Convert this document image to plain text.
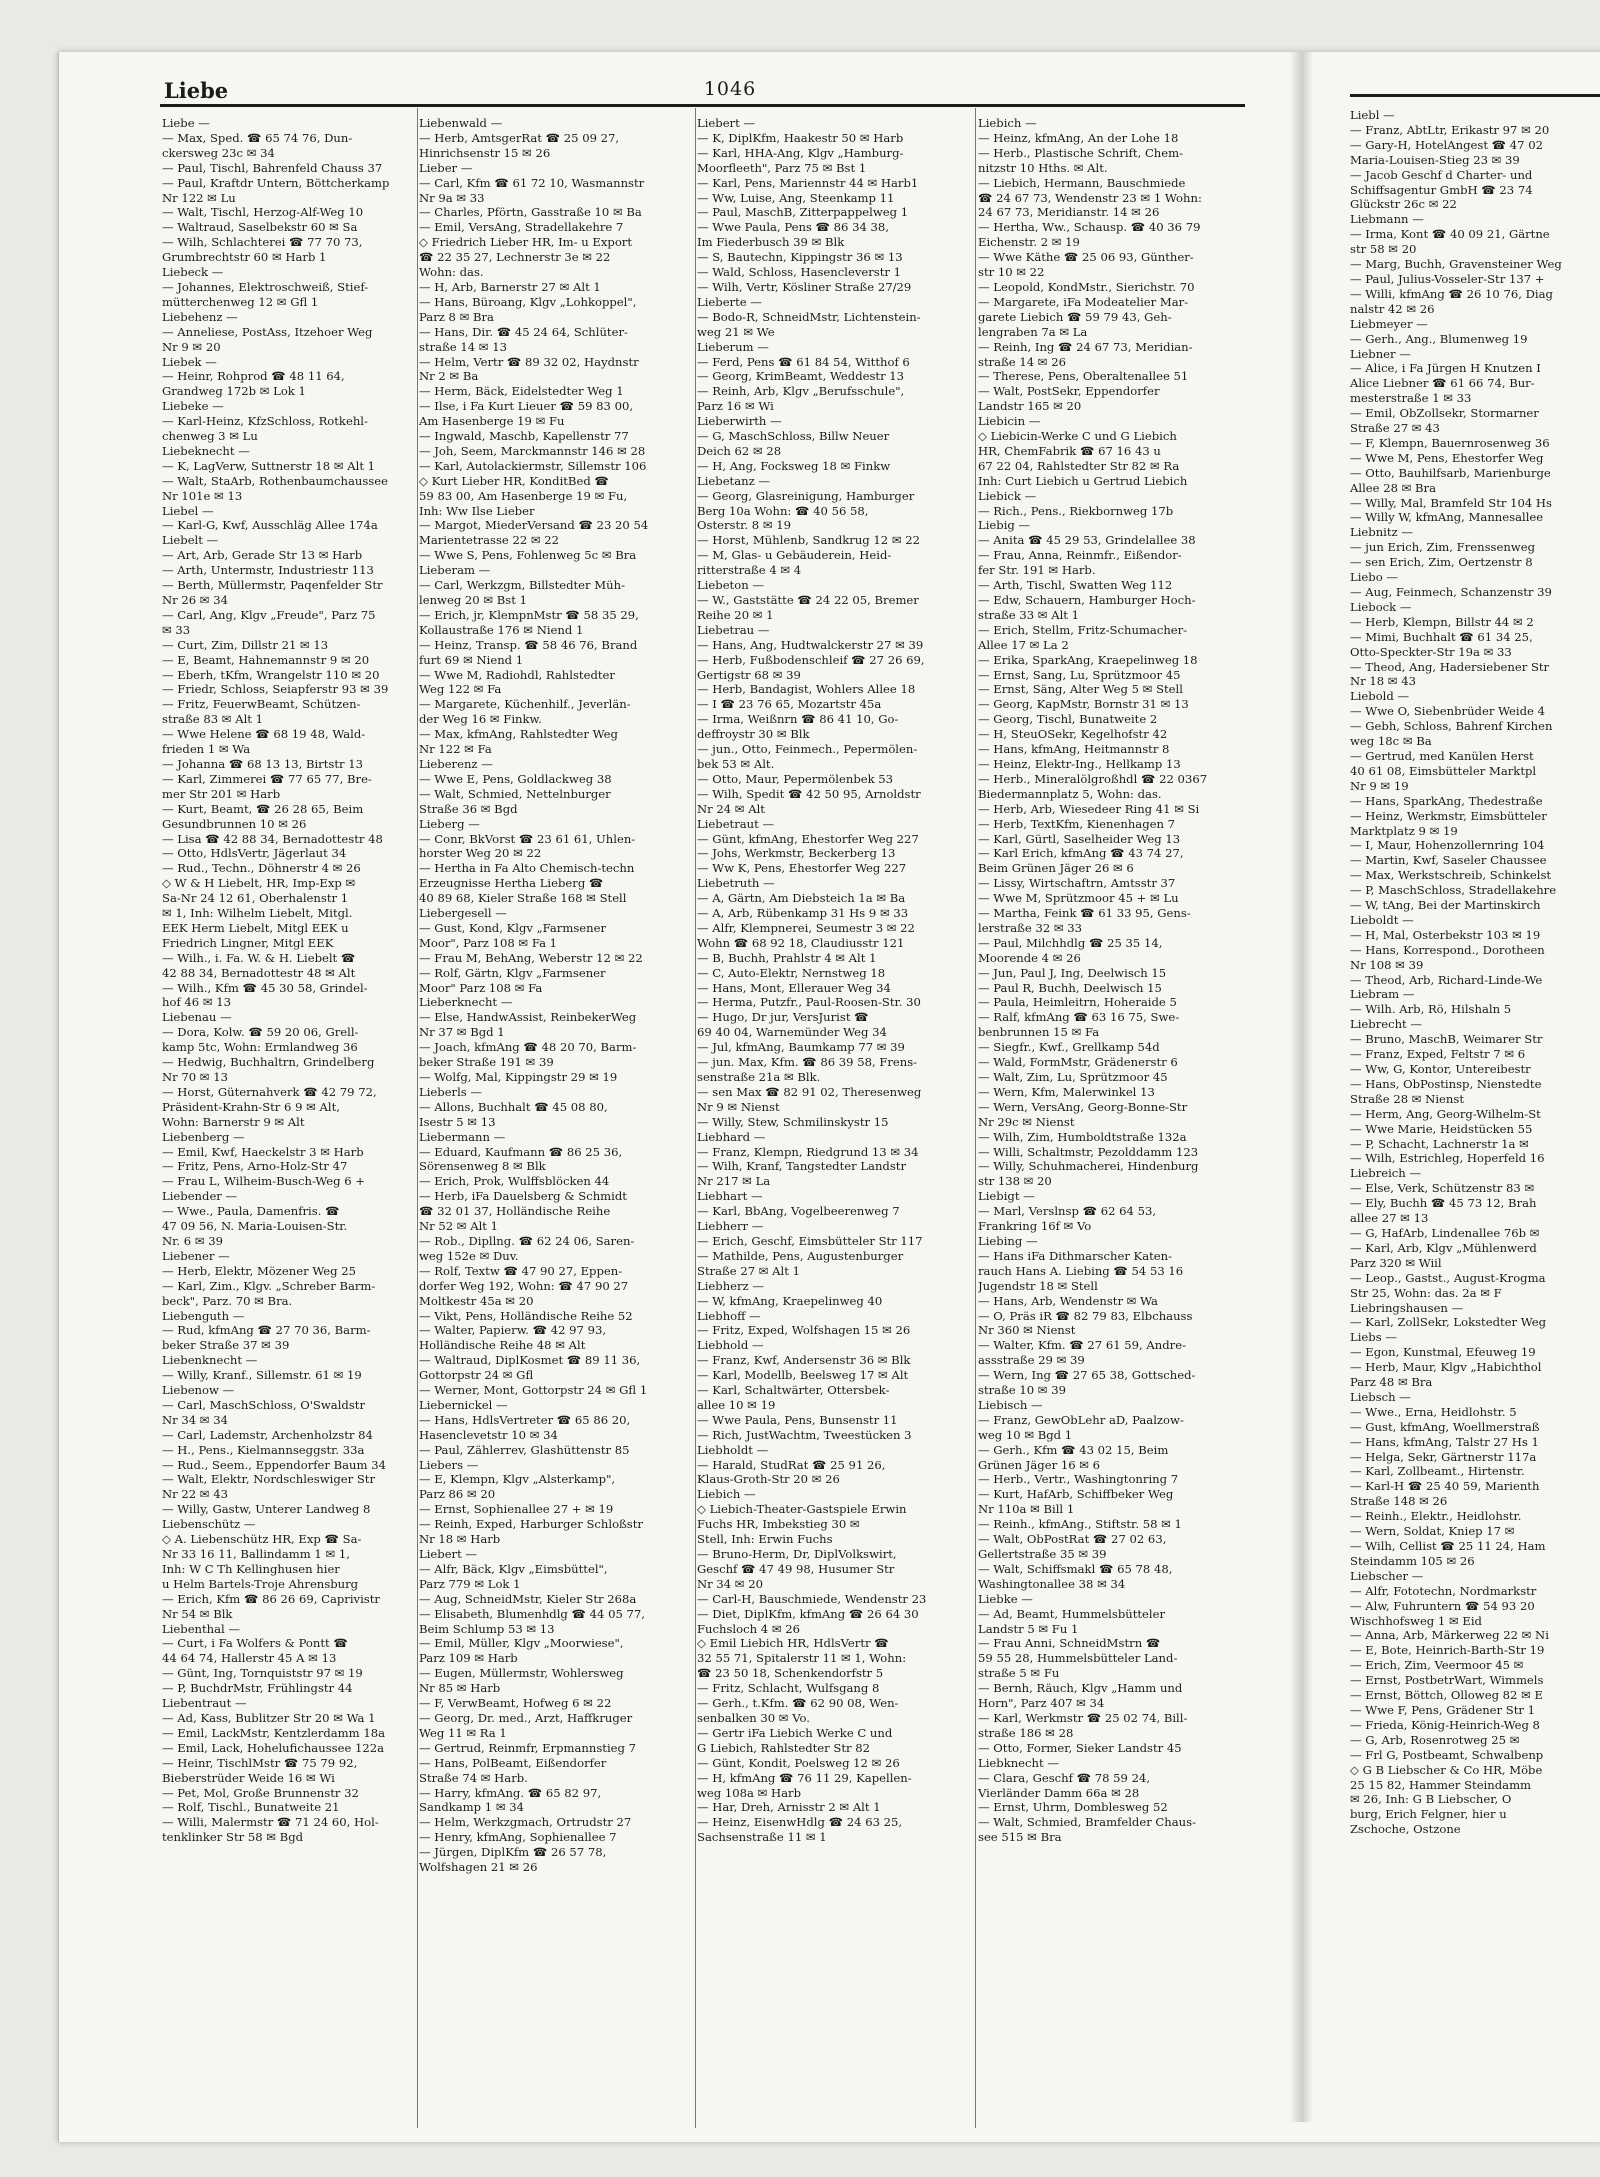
Liebe	1046
Liebe —
— Max, Sped. ☎ 65 74 76, Dun-
ckersweg 23c ✉ 34
— Paul, Tischl, Bahrenfeld Chauss 37
— Paul, Kraftdr Untern, Böttcherkamp
Nr 122 ✉ Lu
— Walt, Tischl, Herzog-Alf-Weg 10
— Waltraud, Saselbekstr 60 ✉ Sa
— Wilh, Schlachterei ☎ 77 70 73,
Grumbrechtstr 60 ✉ Harb 1
Liebeck —
— Johannes, Elektroschweiß, Stief-
mütterchenweg 12 ✉ Gfl 1
Liebehenz —
— Anneliese, PostAss, Itzehoer Weg
Nr 9 ✉ 20
Liebek —
— Heinr, Rohprod ☎ 48 11 64,
Grandweg 172b ✉ Lok 1
Liebeke —
— Karl-Heinz, KfzSchloss, Rotkehl-
chenweg 3 ✉ Lu
Liebeknecht —
— K, LagVerw, Suttnerstr 18 ✉ Alt 1
— Walt, StaArb, Rothenbaumchaussee
Nr 101e ✉ 13
Liebel —
— Karl-G, Kwf, Ausschläg Allee 174a
Liebelt —
— Art, Arb, Gerade Str 13 ✉ Harb
— Arth, Untermstr, Industriestr 113
— Berth, Müllermstr, Paqenfelder Str
Nr 26 ✉ 34
— Carl, Ang, Klgv „Freude", Parz 75
✉ 33
— Curt, Zim, Dillstr 21 ✉ 13
— E, Beamt, Hahnemannstr 9 ✉ 20
— Eberh, tKfm, Wrangelstr 110 ✉ 20
— Friedr, Schloss, Seiapferstr 93 ✉ 39
— Fritz, FeuerwBeamt, Schützen-
straße 83 ✉ Alt 1
— Wwe Helene ☎ 68 19 48, Wald-
frieden 1 ✉ Wa
— Johanna ☎ 68 13 13, Birtstr 13
— Karl, Zimmerei ☎ 77 65 77, Bre-
mer Str 201 ✉ Harb
— Kurt, Beamt, ☎ 26 28 65, Beim
Gesundbrunnen 10 ✉ 26
— Lisa ☎ 42 88 34, Bernadottestr 48
— Otto, HdlsVertr, Jägerlaut 34
— Rud., Techn., Döhnerstr 4 ✉ 26
◇ W & H Liebelt, HR, Imp-Exp ✉
Sa-Nr 24 12 61, Oberhalenstr 1
✉ 1, Inh: Wilhelm Liebelt, Mitgl.
EEK Herm Liebelt, Mitgl EEK u
Friedrich Lingner, Mitgl EEK
— Wilh., i. Fa. W. & H. Liebelt ☎
42 88 34, Bernadottestr 48 ✉ Alt
— Wilh., Kfm ☎ 45 30 58, Grindel-
hof 46 ✉ 13
Liebenau —
— Dora, Kolw. ☎ 59 20 06, Grell-
kamp 5tc, Wohn: Ermlandweg 36
— Hedwig, Buchhaltrn, Grindelberg
Nr 70 ✉ 13
— Horst, Güternahverk ☎ 42 79 72,
Präsident-Krahn-Str 6 9 ✉ Alt,
Wohn: Barnerstr 9 ✉ Alt
Liebenberg —
— Emil, Kwf, Haeckelstr 3 ✉ Harb
— Fritz, Pens, Arno-Holz-Str 47
— Frau L, Wilheim-Busch-Weg 6 +
Liebender —
— Wwe., Paula, Damenfris. ☎
47 09 56, N. Maria-Louisen-Str.
Nr. 6 ✉ 39
Liebener —
— Herb, Elektr, Mözener Weg 25
— Karl, Zim., Klgv. „Schreber Barm-
beck", Parz. 70 ✉ Bra.
Liebenguth —
— Rud, kfmAng ☎ 27 70 36, Barm-
beker Straße 37 ✉ 39
Liebenknecht —
— Willy, Kranf., Sillemstr. 61 ✉ 19
Liebenow —
— Carl, MaschSchloss, O'Swaldstr
Nr 34 ✉ 34
— Carl, Lademstr, Archenholzstr 84
— H., Pens., Kielmannseggstr. 33a
— Rud., Seem., Eppendorfer Baum 34
— Walt, Elektr, Nordschleswiger Str
Nr 22 ✉ 43
— Willy, Gastw, Unterer Landweg 8
Liebenschütz —
◇ A. Liebenschütz HR, Exp ☎ Sa-
Nr 33 16 11, Ballindamm 1 ✉ 1,
Inh: W C Th Kellinghusen hier
u Helm Bartels-Troje Ahrensburg
— Erich, Kfm ☎ 86 26 69, Caprivistr
Nr 54 ✉ Blk
Liebenthal —
— Curt, i Fa Wolfers & Pontt ☎
44 64 74, Hallerstr 45 A ✉ 13
— Günt, Ing, Tornquiststr 97 ✉ 19
— P, BuchdrMstr, Frühlingstr 44
Liebentraut —
— Ad, Kass, Bublitzer Str 20 ✉ Wa 1
— Emil, LackMstr, Kentzlerdamm 18a
— Emil, Lack, Hohelufichaussee 122a
— Heinr, TischlMstr ☎ 75 79 92,
Bieberstrüder Weide 16 ✉ Wi
— Pet, Mol, Große Brunnenstr 32
— Rolf, Tischl., Bunatweite 21
— Willi, Malermstr ☎ 71 24 60, Hol-
tenklinker Str 58 ✉ Bgd
Liebenwald —
— Herb, AmtsgerRat ☎ 25 09 27,
Hinrichsenstr 15 ✉ 26
Lieber —
— Carl, Kfm ☎ 61 72 10, Wasmannstr
Nr 9a ✉ 33
— Charles, Pförtn, Gasstraße 10 ✉ Ba
— Emil, VersAng, Stradellakehre 7
◇ Friedrich Lieber HR, Im- u Export
☎ 22 35 27, Lechnerstr 3e ✉ 22
Wohn: das.
— H, Arb, Barnerstr 27 ✉ Alt 1
— Hans, Büroang, Klgv „Lohkoppel",
Parz 8 ✉ Bra
— Hans, Dir. ☎ 45 24 64, Schlüter-
straße 14 ✉ 13
— Helm, Vertr ☎ 89 32 02, Haydnstr
Nr 2 ✉ Ba
— Herm, Bäck, Eidelstedter Weg 1
— Ilse, i Fa Kurt Lieuer ☎ 59 83 00,
Am Hasenberge 19 ✉ Fu
— Ingwald, Maschb, Kapellenstr 77
— Joh, Seem, Marckmannstr 146 ✉ 28
— Karl, Autolackiermstr, Sillemstr 106
◇ Kurt Lieber HR, KonditBed ☎
59 83 00, Am Hasenberge 19 ✉ Fu,
Inh: Ww Ilse Lieber
— Margot, MiederVersand ☎ 23 20 54
Marientetrasse 22 ✉ 22
— Wwe S, Pens, Fohlenweg 5c ✉ Bra
Lieberam —
— Carl, Werkzgm, Billstedter Müh-
lenweg 20 ✉ Bst 1
— Erich, jr, KlempnMstr ☎ 58 35 29,
Kollaustraße 176 ✉ Niend 1
— Heinz, Transp. ☎ 58 46 76, Brand
furt 69 ✉ Niend 1
— Wwe M, Radiohdl, Rahlstedter
Weg 122 ✉ Fa
— Margarete, Küchenhilf., Jeverlän-
der Weg 16 ✉ Finkw.
— Max, kfmAng, Rahlstedter Weg
Nr 122 ✉ Fa
Lieberenz —
— Wwe E, Pens, Goldlackweg 38
— Walt, Schmied, Nettelnburger
Straße 36 ✉ Bgd
Lieberg —
— Conr, BkVorst ☎ 23 61 61, Uhlen-
horster Weg 20 ✉ 22
— Hertha in Fa Alto Chemisch-techn
Erzeugnisse Hertha Lieberg ☎
40 89 68, Kieler Straße 168 ✉ Stell
Liebergesell —
— Gust, Kond, Klgv „Farmsener
Moor", Parz 108 ✉ Fa 1
— Frau M, BehAng, Weberstr 12 ✉ 22
— Rolf, Gärtn, Klgv „Farmsener
Moor" Parz 108 ✉ Fa
Lieberknecht —
— Else, HandwAssist, ReinbekerWeg
Nr 37 ✉ Bgd 1
— Joach, kfmAng ☎ 48 20 70, Barm-
beker Straße 191 ✉ 39
— Wolfg, Mal, Kippingstr 29 ✉ 19
Lieberls —
— Allons, Buchhalt ☎ 45 08 80,
Isestr 5 ✉ 13
Liebermann —
— Eduard, Kaufmann ☎ 86 25 36,
Sörensenweg 8 ✉ Blk
— Erich, Prok, Wulffsblöcken 44
— Herb, iFa Dauelsberg & Schmidt
☎ 32 01 37, Holländische Reihe
Nr 52 ✉ Alt 1
— Rob., Dipllng. ☎ 62 24 06, Saren-
weg 152e ✉ Duv.
— Rolf, Textw ☎ 47 90 27, Eppen-
dorfer Weg 192, Wohn: ☎ 47 90 27
Moltkestr 45a ✉ 20
— Vikt, Pens, Holländische Reihe 52
— Walter, Papierw. ☎ 42 97 93,
Holländische Reihe 48 ✉ Alt
— Waltraud, DiplKosmet ☎ 89 11 36,
Gottorpstr 24 ✉ Gfl
— Werner, Mont, Gottorpstr 24 ✉ Gfl 1
Liebernickel —
— Hans, HdlsVertreter ☎ 65 86 20,
Hasenclevetstr 10 ✉ 34
— Paul, Zählerrev, Glashüttenstr 85
Liebers —
— E, Klempn, Klgv „Alsterkamp",
Parz 86 ✉ 20
— Ernst, Sophienallee 27 + ✉ 19
— Reinh, Exped, Harburger Schloßstr
Nr 18 ✉ Harb
Liebert —
— Alfr, Bäck, Klgv „Eimsbüttel",
Parz 779 ✉ Lok 1
— Aug, SchneidMstr, Kieler Str 268a
— Elisabeth, Blumenhdlg ☎ 44 05 77,
Beim Schlump 53 ✉ 13
— Emil, Müller, Klgv „Moorwiese",
Parz 109 ✉ Harb
— Eugen, Müllermstr, Wohlersweg
Nr 85 ✉ Harb
— F, VerwBeamt, Hofweg 6 ✉ 22
— Georg, Dr. med., Arzt, Haffkruger
Weg 11 ✉ Ra 1
— Gertrud, Reinmfr, Erpmannstieg 7
— Hans, PolBeamt, Eißendorfer
Straße 74 ✉ Harb.
— Harry, kfmAng. ☎ 65 82 97,
Sandkamp 1 ✉ 34
— Helm, Werkzgmach, Ortrudstr 27
— Henry, kfmAng, Sophienallee 7
— Jürgen, DiplKfm ☎ 26 57 78,
Wolfshagen 21 ✉ 26
Liebert —
— K, DiplKfm, Haakestr 50 ✉ Harb
— Karl, HHA-Ang, Klgv „Hamburg-
Moorfleeth", Parz 75 ✉ Bst 1
— Karl, Pens, Mariennstr 44 ✉ Harb1
— Ww, Luise, Ang, Steenkamp 11
— Paul, MaschB, Zitterpappelweg 1
— Wwe Paula, Pens ☎ 86 34 38,
Im Fiederbusch 39 ✉ Blk
— S, Bautechn, Kippingstr 36 ✉ 13
— Wald, Schloss, Hasencleverstr 1
— Wilh, Vertr, Kösliner Straße 27/29
Lieberte —
— Bodo-R, SchneidMstr, Lichtenstein-
weg 21 ✉ We
Lieberum —
— Ferd, Pens ☎ 61 84 54, Witthof 6
— Georg, KrimBeamt, Weddestr 13
— Reinh, Arb, Klgv „Berufsschule",
Parz 16 ✉ Wi
Lieberwirth —
— G, MaschSchloss, Billw Neuer
Deich 62 ✉ 28
— H, Ang, Focksweg 18 ✉ Finkw
Liebetanz —
— Georg, Glasreinigung, Hamburger
Berg 10a Wohn: ☎ 40 56 58,
Osterstr. 8 ✉ 19
— Horst, Mühlenb, Sandkrug 12 ✉ 22
— M, Glas- u Gebäuderein, Heid-
ritterstraße 4 ✉ 4
Liebeton —
— W., Gaststätte ☎ 24 22 05, Bremer
Reihe 20 ✉ 1
Liebetrau —
— Hans, Ang, Hudtwalckerstr 27 ✉ 39
— Herb, Fußbodenschleif ☎ 27 26 69,
Gertigstr 68 ✉ 39
— Herb, Bandagist, Wohlers Allee 18
— I ☎ 23 76 65, Mozartstr 45a
— Irma, Weißnrn ☎ 86 41 10, Go-
deffroystr 30 ✉ Blk
— jun., Otto, Feinmech., Pepermölen-
bek 53 ✉ Alt.
— Otto, Maur, Pepermölenbek 53
— Wilh, Spedit ☎ 42 50 95, Arnoldstr
Nr 24 ✉ Alt
Liebetraut —
— Günt, kfmAng, Ehestorfer Weg 227
— Johs, Werkmstr, Beckerberg 13
— Ww K, Pens, Ehestorfer Weg 227
Liebetruth —
— A, Gärtn, Am Diebsteich 1a ✉ Ba
— A, Arb, Rübenkamp 31 Hs 9 ✉ 33
— Alfr, Klempnerei, Seumestr 3 ✉ 22
Wohn ☎ 68 92 18, Claudiusstr 121
— B, Buchh, Prahlstr 4 ✉ Alt 1
— C, Auto-Elektr, Nernstweg 18
— Hans, Mont, Ellerauer Weg 34
— Herma, Putzfr., Paul-Roosen-Str. 30
— Hugo, Dr jur, VersJurist ☎
69 40 04, Warnemünder Weg 34
— Jul, kfmAng, Baumkamp 77 ✉ 39
— jun. Max, Kfm. ☎ 86 39 58, Frens-
senstraße 21a ✉ Blk.
— sen Max ☎ 82 91 02, Theresenweg
Nr 9 ✉ Nienst
— Willy, Stew, Schmilinskystr 15
Liebhard —
— Franz, Klempn, Riedgrund 13 ✉ 34
— Wilh, Kranf, Tangstedter Landstr
Nr 217 ✉ La
Liebhart —
— Karl, BbAng, Vogelbeerenweg 7
Liebherr —
— Erich, Geschf, Eimsbütteler Str 117
— Mathilde, Pens, Augustenburger
Straße 27 ✉ Alt 1
Liebherz —
— W, kfmAng, Kraepelinweg 40
Liebhoff —
— Fritz, Exped, Wolfshagen 15 ✉ 26
Liebhold —
— Franz, Kwf, Andersenstr 36 ✉ Blk
— Karl, Modellb, Beelsweg 17 ✉ Alt
— Karl, Schaltwärter, Ottersbek-
allee 10 ✉ 19
— Wwe Paula, Pens, Bunsenstr 11
— Rich, JustWachtm, Tweestücken 3
Liebholdt —
— Harald, StudRat ☎ 25 91 26,
Klaus-Groth-Str 20 ✉ 26
Liebich —
◇ Liebich-Theater-Gastspiele Erwin
Fuchs HR, Imbekstieg 30 ✉
Stell, Inh: Erwin Fuchs
— Bruno-Herm, Dr, DiplVolkswirt,
Geschf ☎ 47 49 98, Husumer Str
Nr 34 ✉ 20
— Carl-H, Bauschmiede, Wendenstr 23
— Diet, DiplKfm, kfmAng ☎ 26 64 30
Fuchsloch 4 ✉ 26
◇ Emil Liebich HR, HdlsVertr ☎
32 55 71, Spitalerstr 11 ✉ 1, Wohn:
☎ 23 50 18, Schenkendorfstr 5
— Fritz, Schlacht, Wulfsgang 8
— Gerh., t.Kfm. ☎ 62 90 08, Wen-
senbalken 30 ✉ Vo.
— Gertr iFa Liebich Werke C und
G Liebich, Rahlstedter Str 82
— Günt, Kondit, Poelsweg 12 ✉ 26
— H, kfmAng ☎ 76 11 29, Kapellen-
weg 108a ✉ Harb
— Har, Dreh, Arnisstr 2 ✉ Alt 1
— Heinz, EisenwHdlg ☎ 24 63 25,
Sachsenstraße 11 ✉ 1
Liebich —
— Heinz, kfmAng, An der Lohe 18
— Herb., Plastische Schrift, Chem-
nitzstr 10 Hths. ✉ Alt.
— Liebich, Hermann, Bauschmiede
☎ 24 67 73, Wendenstr 23 ✉ 1 Wohn:
24 67 73, Meridianstr. 14 ✉ 26
— Hertha, Ww., Schausp. ☎ 40 36 79
Eichenstr. 2 ✉ 19
— Wwe Käthe ☎ 25 06 93, Günther-
str 10 ✉ 22
— Leopold, KondMstr., Sierichstr. 70
— Margarete, iFa Modeatelier Mar-
garete Liebich ☎ 59 79 43, Geh-
lengraben 7a ✉ La
— Reinh, Ing ☎ 24 67 73, Meridian-
straße 14 ✉ 26
— Therese, Pens, Oberaltenallee 51
— Walt, PostSekr, Eppendorfer
Landstr 165 ✉ 20
Liebicin —
◇ Liebicin-Werke C und G Liebich
HR, ChemFabrik ☎ 67 16 43 u
67 22 04, Rahlstedter Str 82 ✉ Ra
Inh: Curt Liebich u Gertrud Liebich
Liebick —
— Rich., Pens., Riekbornweg 17b
Liebig —
— Anita ☎ 45 29 53, Grindelallee 38
— Frau, Anna, Reinmfr., Eißendor-
fer Str. 191 ✉ Harb.
— Arth, Tischl, Swatten Weg 112
— Edw, Schauern, Hamburger Hoch-
straße 33 ✉ Alt 1
— Erich, Stellm, Fritz-Schumacher-
Allee 17 ✉ La 2
— Erika, SparkAng, Kraepelinweg 18
— Ernst, Sang, Lu, Sprützmoor 45
— Ernst, Säng, Alter Weg 5 ✉ Stell
— Georg, KapMstr, Bornstr 31 ✉ 13
— Georg, Tischl, Bunatweite 2
— H, SteuOSekr, Kegelhofstr 42
— Hans, kfmAng, Heitmannstr 8
— Heinz, Elektr-Ing., Hellkamp 13
— Herb., Mineralölgroßhdl ☎ 22 0367
Biedermannplatz 5, Wohn: das.
— Herb, Arb, Wiesedeer Ring 41 ✉ Si
— Herb, TextKfm, Kienenhagen 7
— Karl, Gürtl, Saselheider Weg 13
— Karl Erich, kfmAng ☎ 43 74 27,
Beim Grünen Jäger 26 ✉ 6
— Lissy, Wirtschaftrn, Amtsstr 37
— Wwe M, Sprützmoor 45 + ✉ Lu
— Martha, Feink ☎ 61 33 95, Gens-
lerstraße 32 ✉ 33
— Paul, Milchhdlg ☎ 25 35 14,
Moorende 4 ✉ 26
— Jun, Paul J, Ing, Deelwisch 15
— Paul R, Buchh, Deelwisch 15
— Paula, Heimleitrn, Hoheraide 5
— Ralf, kfmAng ☎ 63 16 75, Swe-
benbrunnen 15 ✉ Fa
— Siegfr., Kwf., Grellkamp 54d
— Wald, FormMstr, Grädenerstr 6
— Walt, Zim, Lu, Sprützmoor 45
— Wern, Kfm, Malerwinkel 13
— Wern, VersAng, Georg-Bonne-Str
Nr 29c ✉ Nienst
— Wilh, Zim, Humboldtstraße 132a
— Willi, Schaltmstr, Pezolddamm 123
— Willy, Schuhmacherei, Hindenburg
str 138 ✉ 20
Liebigt —
— Marl, Verslnsp ☎ 62 64 53,
Frankring 16f ✉ Vo
Liebing —
— Hans iFa Dithmarscher Katen-
rauch Hans A. Liebing ☎ 54 53 16
Jugendstr 18 ✉ Stell
— Hans, Arb, Wendenstr ✉ Wa
— O, Präs iR ☎ 82 79 83, Elbchauss
Nr 360 ✉ Nienst
— Walter, Kfm. ☎ 27 61 59, Andre-
assstraße 29 ✉ 39
— Wern, Ing ☎ 27 65 38, Gottsched-
straße 10 ✉ 39
Liebisch —
— Franz, GewObLehr aD, Paalzow-
weg 10 ✉ Bgd 1
— Gerh., Kfm ☎ 43 02 15, Beim
Grünen Jäger 16 ✉ 6
— Herb., Vertr., Washingtonring 7
— Kurt, HafArb, Schiffbeker Weg
Nr 110a ✉ Bill 1
— Reinh., kfmAng., Stiftstr. 58 ✉ 1
— Walt, ObPostRat ☎ 27 02 63,
Gellertstraße 35 ✉ 39
— Walt, Schiffsmakl ☎ 65 78 48,
Washingtonallee 38 ✉ 34
Liebke —
— Ad, Beamt, Hummelsbütteler
Landstr 5 ✉ Fu 1
— Frau Anni, SchneidMstrn ☎
59 55 28, Hummelsbütteler Land-
straße 5 ✉ Fu
— Bernh, Räuch, Klgv „Hamm und
Horn", Parz 407 ✉ 34
— Karl, Werkmstr ☎ 25 02 74, Bill-
straße 186 ✉ 28
— Otto, Former, Sieker Landstr 45
Liebknecht —
— Clara, Geschf ☎ 78 59 24,
Vierländer Damm 66a ✉ 28
— Ernst, Uhrm, Domblesweg 52
— Walt, Schmied, Bramfelder Chaus-
see 515 ✉ Bra
Liebl —
— Franz, AbtLtr, Erikastr 97 ✉ 20
— Gary-H, HotelAngest ☎ 47 02
Maria-Louisen-Stieg 23 ✉ 39
— Jacob Geschf d Charter- und
Schiffsagentur GmbH ☎ 23 74
Glückstr 26c ✉ 22
Liebmann —
— Irma, Kont ☎ 40 09 21, Gärtne
str 58 ✉ 20
— Marg, Buchh, Gravensteiner Weg
— Paul, Julius-Vosseler-Str 137 +
— Willi, kfmAng ☎ 26 10 76, Diag
nalstr 42 ✉ 26
Liebmeyer —
— Gerh., Ang., Blumenweg 19
Liebner —
— Alice, i Fa Jürgen H Knutzen I
Alice Liebner ☎ 61 66 74, Bur-
mesterstraße 1 ✉ 33
— Emil, ObZollsekr, Stormarner
Straße 27 ✉ 43
— F, Klempn, Bauernrosenweg 36
— Wwe M, Pens, Ehestorfer Weg
— Otto, Bauhilfsarb, Marienburge
Allee 28 ✉ Bra
— Willy, Mal, Bramfeld Str 104 Hs
— Willy W, kfmAng, Mannesallee
Liebnitz —
— jun Erich, Zim, Frenssenweg
— sen Erich, Zim, Oertzenstr 8
Liebo —
— Aug, Feinmech, Schanzenstr 39
Liebock —
— Herb, Klempn, Billstr 44 ✉ 2
— Mimi, Buchhalt ☎ 61 34 25,
Otto-Speckter-Str 19a ✉ 33
— Theod, Ang, Hadersiebener Str
Nr 18 ✉ 43
Liebold —
— Wwe O, Siebenbrüder Weide 4
— Gebh, Schloss, Bahrenf Kirchen
weg 18c ✉ Ba
— Gertrud, med Kanülen Herst
40 61 08, Eimsbütteler Marktpl
Nr 9 ✉ 19
— Hans, SparkAng, Thedestraße
— Heinz, Werkmstr, Eimsbütteler
Marktplatz 9 ✉ 19
— I, Maur, Hohenzollernring 104
— Martin, Kwf, Saseler Chaussee
— Max, Werkstschreib, Schinkelst
— P, MaschSchloss, Stradellakehre
— W, tAng, Bei der Martinskirch
Lieboldt —
— H, Mal, Osterbekstr 103 ✉ 19
— Hans, Korrespond., Dorotheen
Nr 108 ✉ 39
— Theod, Arb, Richard-Linde-We
Liebram —
— Wilh. Arb, Rö, Hilshaln 5
Liebrecht —
— Bruno, MaschB, Weimarer Str
— Franz, Exped, Feltstr 7 ✉ 6
— Ww, G, Kontor, Untereibestr
— Hans, ObPostinsp, Nienstedte
Straße 28 ✉ Nienst
— Herm, Ang, Georg-Wilhelm-St
— Wwe Marie, Heidstücken 55
— P, Schacht, Lachnerstr 1a ✉
— Wilh, Estrichleg, Hoperfeld 16
Liebreich —
— Else, Verk, Schützenstr 83 ✉
— Ely, Buchh ☎ 45 73 12, Brah
allee 27 ✉ 13
— G, HafArb, Lindenallee 76b ✉
— Karl, Arb, Klgv „Mühlenwerd
Parz 320 ✉ Wiil
— Leop., Gastst., August-Krogma
Str 25, Wohn: das. 2a ✉ F
Liebringshausen —
— Karl, ZollSekr, Lokstedter Weg
Liebs —
— Egon, Kunstmal, Efeuweg 19
— Herb, Maur, Klgv „Habichthol
Parz 48 ✉ Bra
Liebsch —
— Wwe., Erna, Heidlohstr. 5
— Gust, kfmAng, Woellmerstraß
— Hans, kfmAng, Talstr 27 Hs 1
— Helga, Sekr, Gärtnerstr 117a
— Karl, Zollbeamt., Hirtenstr.
— Karl-H ☎ 25 40 59, Marienth
Straße 148 ✉ 26
— Reinh., Elektr., Heidlohstr.
— Wern, Soldat, Kniep 17 ✉
— Wilh, Cellist ☎ 25 11 24, Ham
Steindamm 105 ✉ 26
Liebscher —
— Alfr, Fototechn, Nordmarkstr
— Alw, Fuhruntern ☎ 54 93 20
Wischhofsweg 1 ✉ Eid
— Anna, Arb, Märkerweg 22 ✉ Ni
— E, Bote, Heinrich-Barth-Str 19
— Erich, Zim, Veermoor 45 ✉
— Ernst, PostbetrWart, Wimmels
— Ernst, Böttch, Olloweg 82 ✉ E
— Wwe F, Pens, Grädener Str 1
— Frieda, König-Heinrich-Weg 8
— G, Arb, Rosenrotweg 25 ✉
— Frl G, Postbeamt, Schwalbenp
◇ G B Liebscher & Co HR, Möbe
25 15 82, Hammer Steindamm
✉ 26, Inh: G B Liebscher, O
burg, Erich Felgner, hier u
Zschoche, Ostzone
